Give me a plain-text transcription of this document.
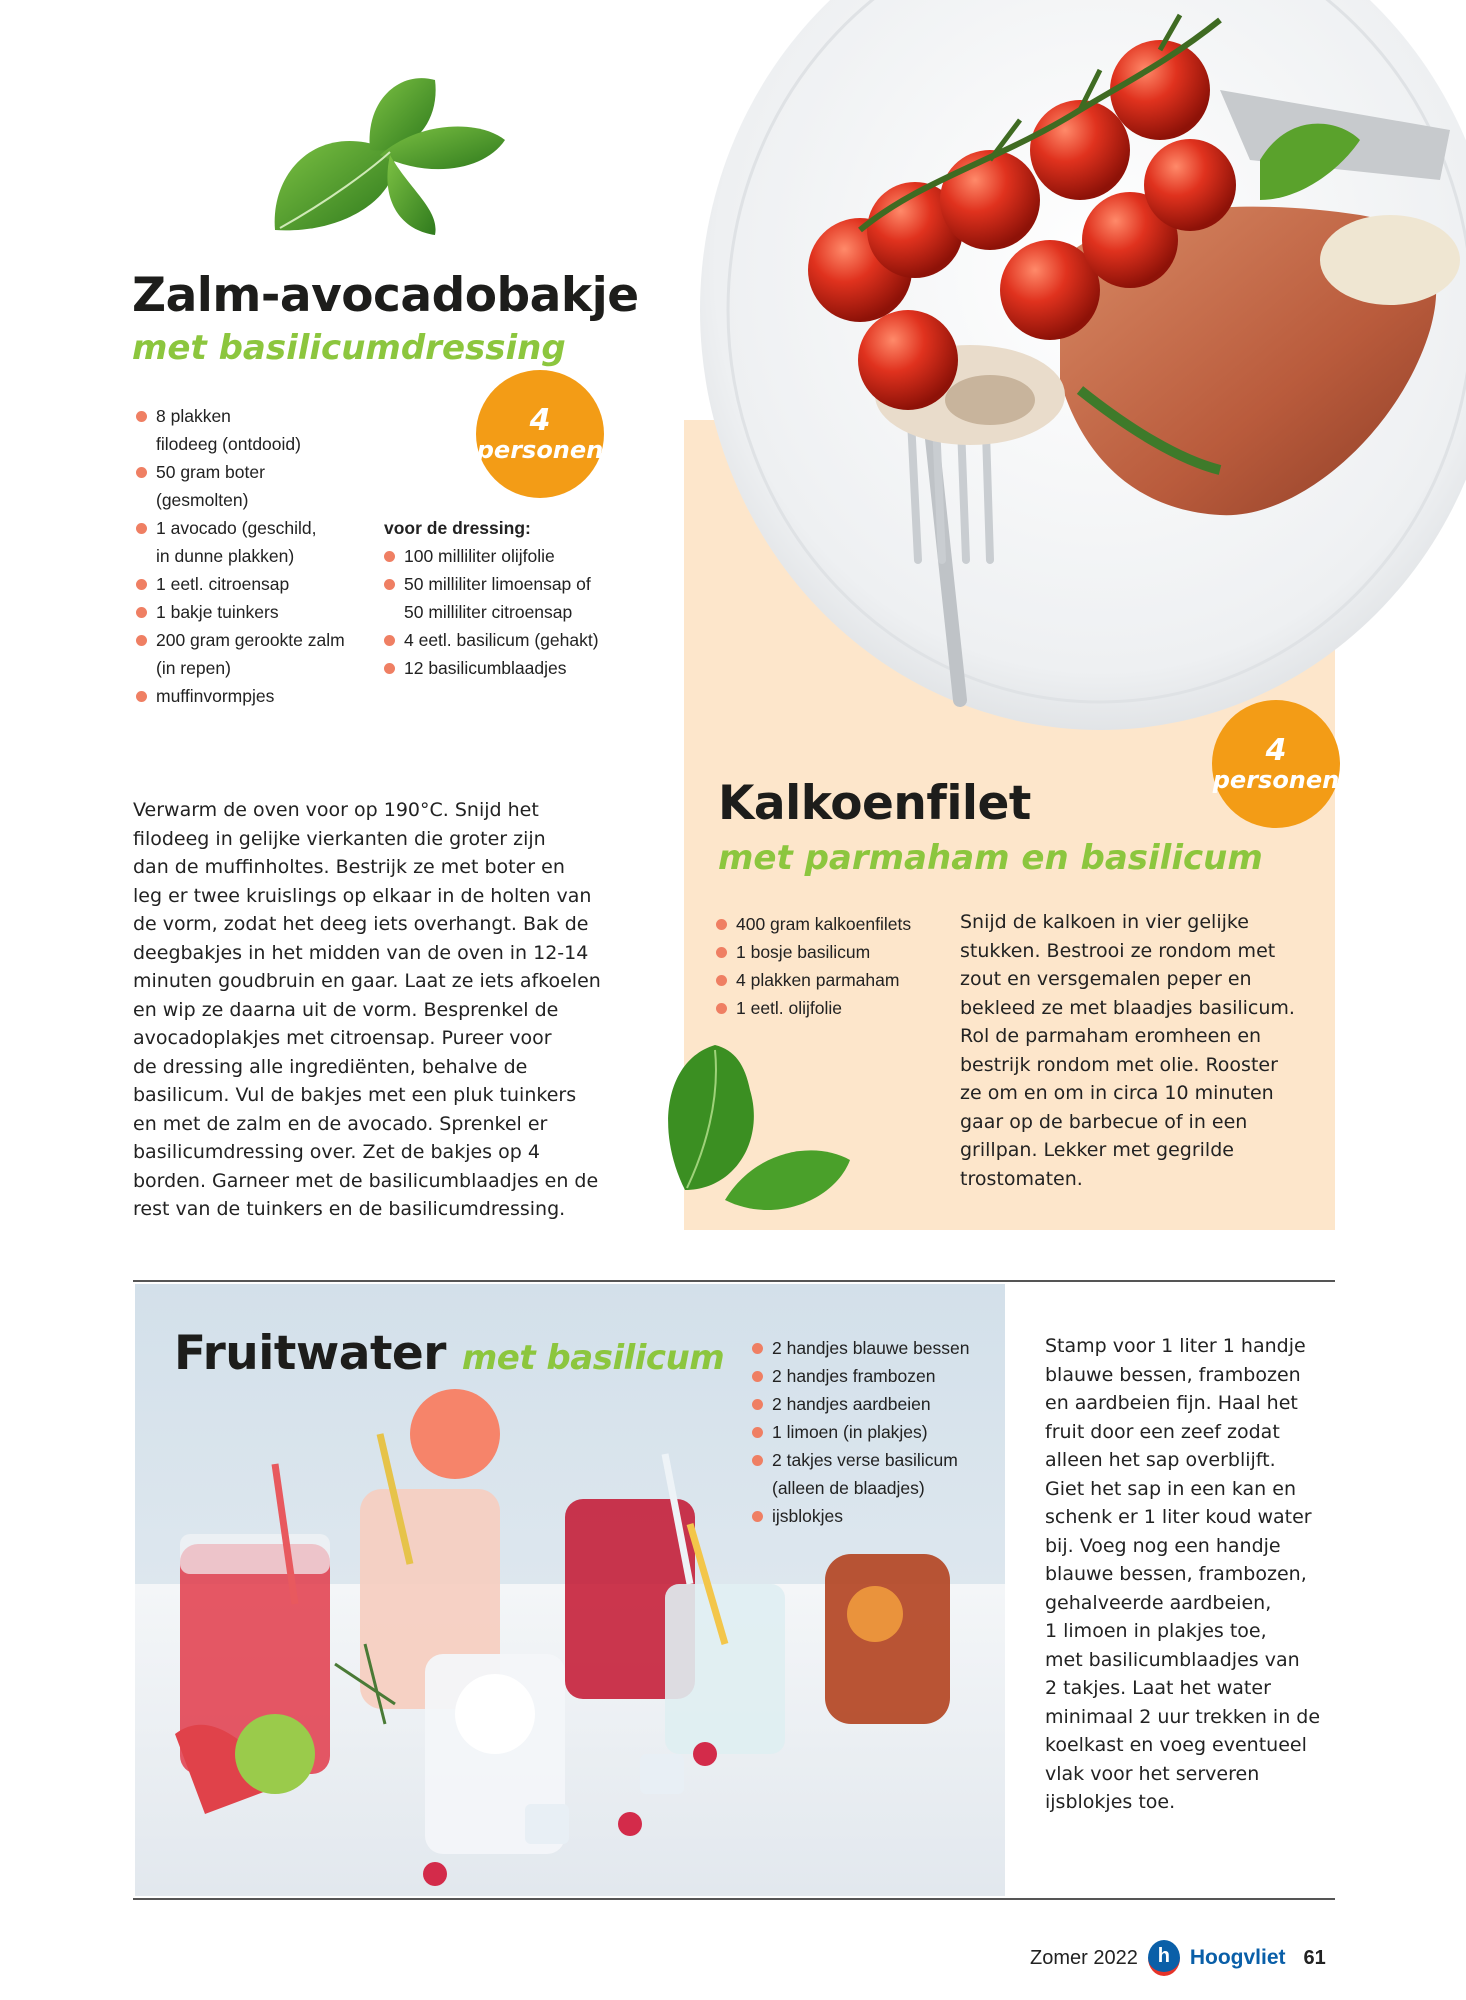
Zalm-avocadobakje
met basilicumdressing
4
personen
8 plakken
filodeeg (ontdooid)
50 gram boter
(gesmolten)
1 avocado (geschild,
in dunne plakken)
1 eetl. citroensap
1 bakje tuinkers
200 gram gerookte zalm
(in repen)
muffinvormpjes
voor de dressing:
100 milliliter olijfolie
50 milliliter limoensap of
50 milliliter citroensap
4 eetl. basilicum (gehakt)
12 basilicumblaadjes
Verwarm de oven voor op 190°C. Snijd het
filodeeg in gelijke vierkanten die groter zijn
dan de muffinholtes. Bestrijk ze met boter en
leg er twee kruislings op elkaar in de holten van
de vorm, zodat het deeg iets overhangt. Bak de
deegbakjes in het midden van de oven in 12-14
minuten goudbruin en gaar. Laat ze iets afkoelen
en wip ze daarna uit de vorm. Besprenkel de
avocadoplakjes met citroensap. Pureer voor
de dressing alle ingrediënten, behalve de
basilicum. Vul de bakjes met een pluk tuinkers
en met de zalm en de avocado. Sprenkel er
basilicumdressing over. Zet de bakjes op 4
borden. Garneer met de basilicumblaadjes en de
rest van de tuinkers en de basilicumdressing.
4
personen
Kalkoenfilet
met parmaham en basilicum
400 gram kalkoenfilets
1 bosje basilicum
4 plakken parmaham
1 eetl. olijfolie
Snijd de kalkoen in vier gelijke
stukken. Bestrooi ze rondom met
zout en versgemalen peper en
bekleed ze met blaadjes basilicum.
Rol de parmaham eromheen en
bestrijk rondom met olie. Rooster
ze om en om in circa 10 minuten
gaar op de barbecue of in een
grillpan. Lekker met gegrilde
trostomaten.
Fruitwater met basilicum	2 handjes blauwe bessen
2 handjes frambozen
2 handjes aardbeien
1 limoen (in plakjes)
2 takjes verse basilicum
(alleen de blaadjes)
ijsblokjes
Stamp voor 1 liter 1 handje
blauwe bessen, frambozen
en aardbeien fijn. Haal het
fruit door een zeef zodat
alleen het sap overblijft.
Giet het sap in een kan en
schenk er 1 liter koud water
bij. Voeg nog een handje
blauwe bessen, frambozen,
gehalveerde aardbeien,
1 limoen in plakjes toe,
met basilicumblaadjes van
2 takjes. Laat het water
minimaal 2 uur trekken in de
koelkast en voeg eventueel
vlak voor het serveren
ijsblokjes toe.
Zomer 2022 h Hoogvliet 61
